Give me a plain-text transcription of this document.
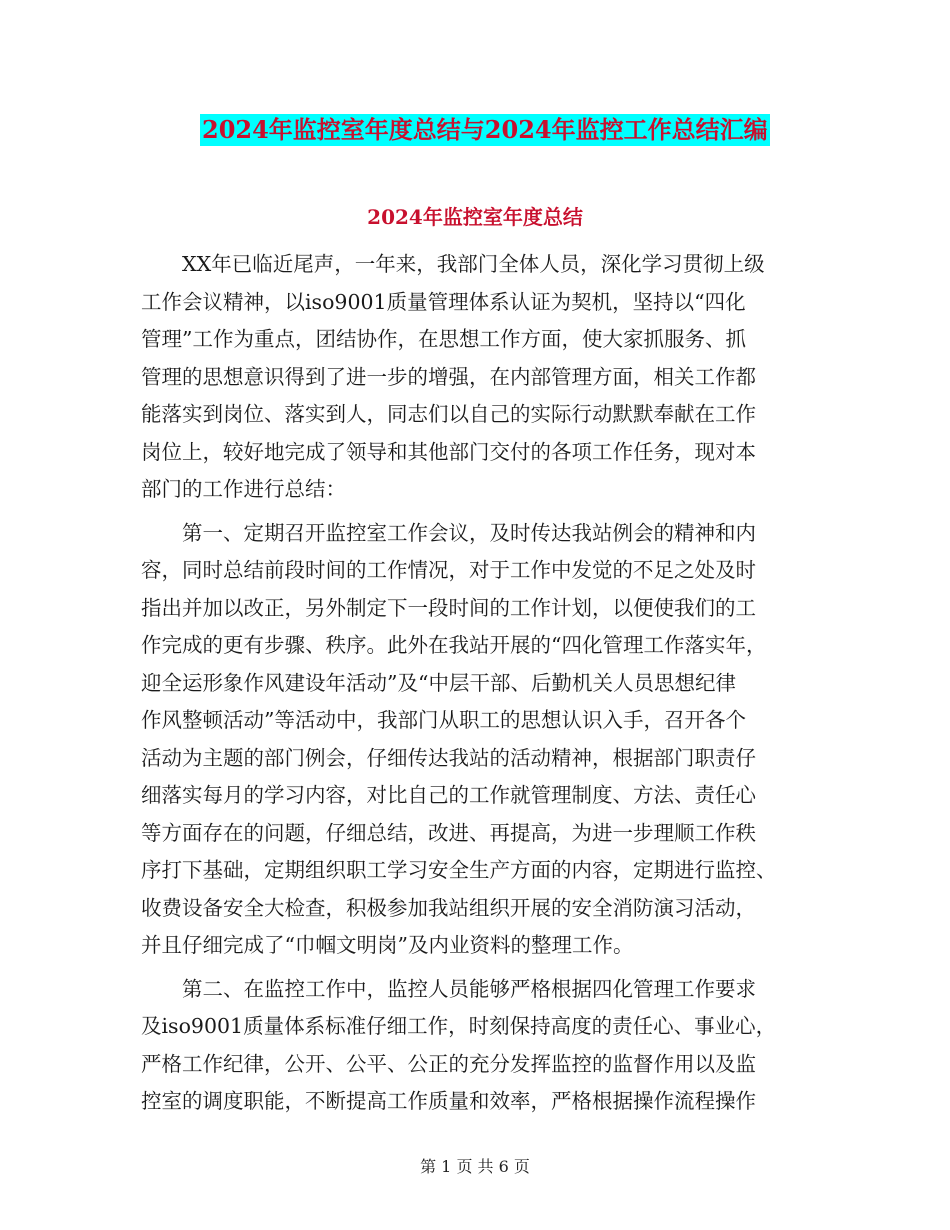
2024年监控室年度总结与2024年监控工作总结汇编
2024年监控室年度总结
XX年已临近尾声，一年来，我部门全体人员，深化学习贯彻上级
工作会议精神，以iso9001质量管理体系认证为契机，坚持以“四化
管理”工作为重点，团结协作，在思想工作方面，使大家抓服务、抓
管理的思想意识得到了进一步的增强，在内部管理方面，相关工作都
能落实到岗位、落实到人，同志们以自己的实际行动默默奉献在工作
岗位上，较好地完成了领导和其他部门交付的各项工作任务，现对本
部门的工作进行总结：
第一、定期召开监控室工作会议，及时传达我站例会的精神和内
容，同时总结前段时间的工作情况，对于工作中发觉的不足之处及时
指出并加以改正，另外制定下一段时间的工作计划，以便使我们的工
作完成的更有步骤、秩序。此外在我站开展的“四化管理工作落实年，
迎全运形象作风建设年活动”及“中层干部、后勤机关人员思想纪律
作风整顿活动”等活动中，我部门从职工的思想认识入手，召开各个
活动为主题的部门例会，仔细传达我站的活动精神，根据部门职责仔
细落实每月的学习内容，对比自己的工作就管理制度、方法、责任心
等方面存在的问题，仔细总结，改进、再提高，为进一步理顺工作秩
序打下基础，定期组织职工学习安全生产方面的内容，定期进行监控、
收费设备安全大检查，积极参加我站组织开展的安全消防演习活动，
并且仔细完成了“巾帼文明岗”及内业资料的整理工作。
第二、在监控工作中，监控人员能够严格根据四化管理工作要求
及iso9001质量体系标准仔细工作，时刻保持高度的责任心、事业心，
严格工作纪律，公开、公平、公正的充分发挥监控的监督作用以及监
控室的调度职能，不断提高工作质量和效率，严格根据操作流程操作
第 1 页 共 6 页
